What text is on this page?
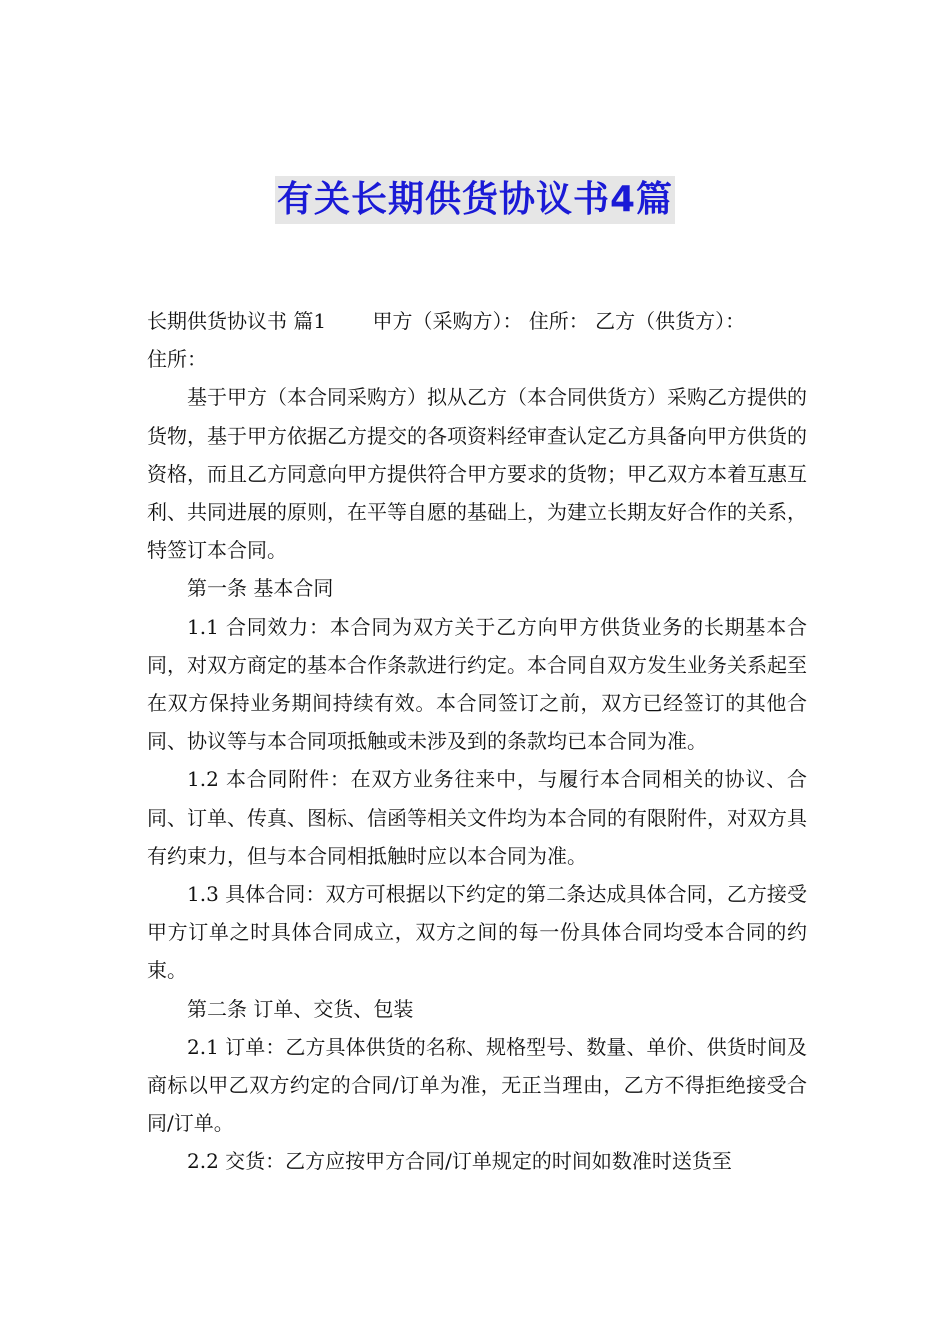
有关长期供货协议书4篇

长期供货协议书 篇1　　 甲方（采购方）： 住所： 乙方（供货方）：

住所：

基于甲方（本合同采购方）拟从乙方（本合同供货方）采购乙方提供的货物，基于甲方依据乙方提交的各项资料经审查认定乙方具备向甲方供货的资格，而且乙方同意向甲方提供符合甲方要求的货物；甲乙双方本着互惠互利、共同进展的原则，在平等自愿的基础上，为建立长期友好合作的关系，特签订本合同。

第一条 基本合同

1.1 合同效力：本合同为双方关于乙方向甲方供货业务的长期基本合同，对双方商定的基本合作条款进行约定。本合同自双方发生业务关系起至在双方保持业务期间持续有效。本合同签订之前，双方已经签订的其他合同、协议等与本合同项抵触或未涉及到的条款均已本合同为准。

1.2 本合同附件：在双方业务往来中，与履行本合同相关的协议、合同、订单、传真、图标、信函等相关文件均为本合同的有限附件，对双方具有约束力，但与本合同相抵触时应以本合同为准。

1.3 具体合同：双方可根据以下约定的第二条达成具体合同，乙方接受甲方订单之时具体合同成立，双方之间的每一份具体合同均受本合同的约束。

第二条 订单、交货、包装

2.1 订单：乙方具体供货的名称、规格型号、数量、单价、供货时间及商标以甲乙双方约定的合同/订单为准，无正当理由，乙方不得拒绝接受合同/订单。

2.2 交货：乙方应按甲方合同/订单规定的时间如数准时送货至
